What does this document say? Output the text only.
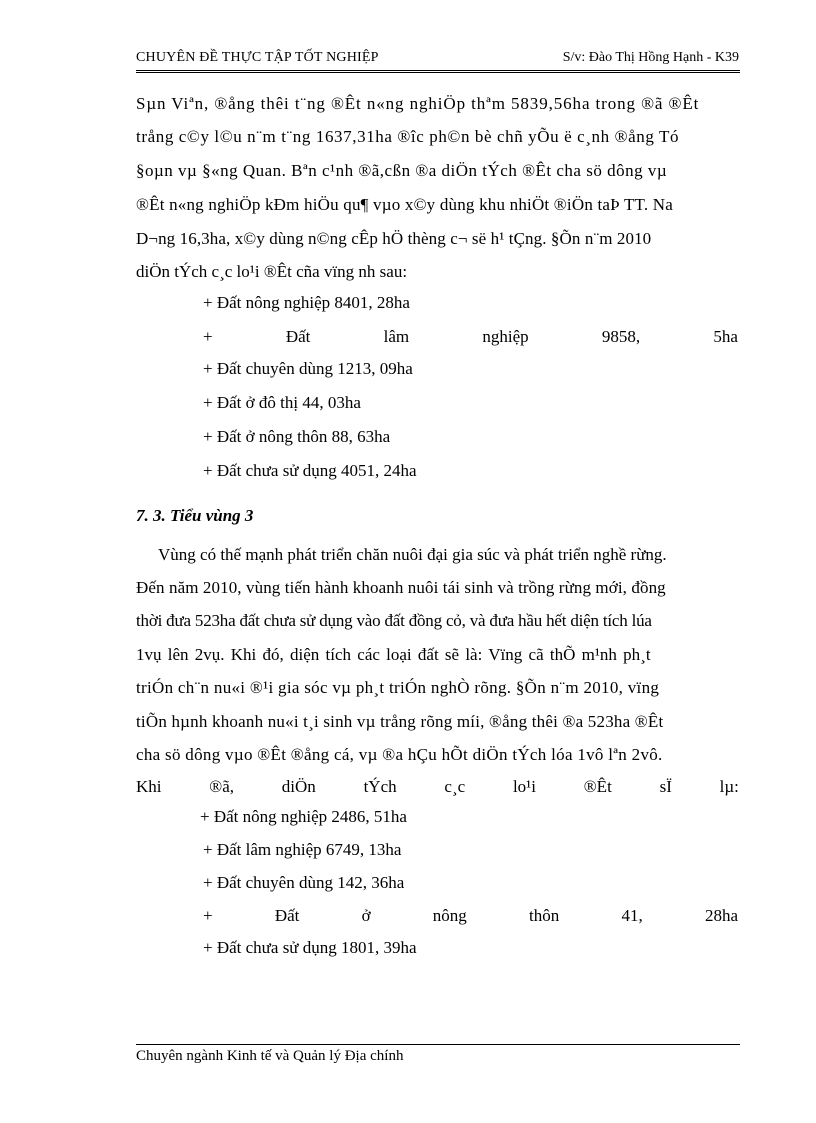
CHUYÊN ĐỀ THỰC TẬP TỐT NGHIỆP	S/v: Đào Thị Hồng Hạnh - K39
Sµn Viªn, ®ång thêi t¨ng ®Êt n«ng nghiÖp thªm 5839,56ha trong ®ã ®Êt
trång c©y l©u n¨m t¨ng 1637,31ha ®îc ph©n bè chñ yÕu ë c¸nh ®ång Tó
§oµn vµ §«ng Quan. Bªn c¹nh ®ã,cßn ®a diÖn tÝch ®Êt cha sö dông vµ
®Êt n«ng nghiÖp kÐm hiÖu qu¶ vµo x©y dùng khu nhiÖt ®iÖn taÞ TT. Na
D¬ng 16,3ha, x©y dùng n©ng cÊp hÖ thèng c¬ së h¹ tÇng. §Õn n¨m 2010
diÖn tÝch c¸c lo¹i ®Êt cña vïng nh sau:
+ Đất nông nghiệp 8401, 28ha
+	Đất	lâm	nghiệp	9858,	5ha
+ Đất chuyên dùng 1213, 09ha
+ Đất ở đô thị 44, 03ha
+ Đất ở nông thôn 88, 63ha
+ Đất chưa sử dụng 4051, 24ha
7. 3. Tiểu vùng 3
Vùng có thế mạnh phát triển chăn nuôi đại gia súc và phát triển nghề rừng.
Đến năm 2010, vùng tiến hành khoanh nuôi tái sinh và trồng rừng mới, đồng
thời đưa 523ha đất chưa sử dụng vào đất đồng cỏ, và đưa hầu hết diện tích lúa
1vụ lên 2vụ. Khi đó, diện tích các loại đất sẽ là: Vïng cã thÕ m¹nh ph¸t
triÓn ch¨n nu«i ®¹i gia sóc vµ ph¸t triÓn nghÒ rõng. §Õn n¨m 2010, vïng
tiÕn hµnh khoanh nu«i t¸i sinh vµ trång rõng míi, ®ång thêi ®a 523ha ®Êt
cha sö dông vµo ®Êt ®ång cá, vµ ®a hÇu hÕt diÖn tÝch lóa 1vô lªn 2vô.
Khi	®ã,	diÖn	tÝch	c¸c	lo¹i	®Êt	sÏ	lµ:
+ Đất nông nghiệp 2486, 51ha
+ Đất lâm nghiệp 6749, 13ha
+ Đất chuyên dùng 142, 36ha
+	Đất	ở	nông	thôn	41,	28ha
+ Đất chưa sử dụng 1801, 39ha
Chuyên ngành Kinh tế và Quản lý Địa chính
